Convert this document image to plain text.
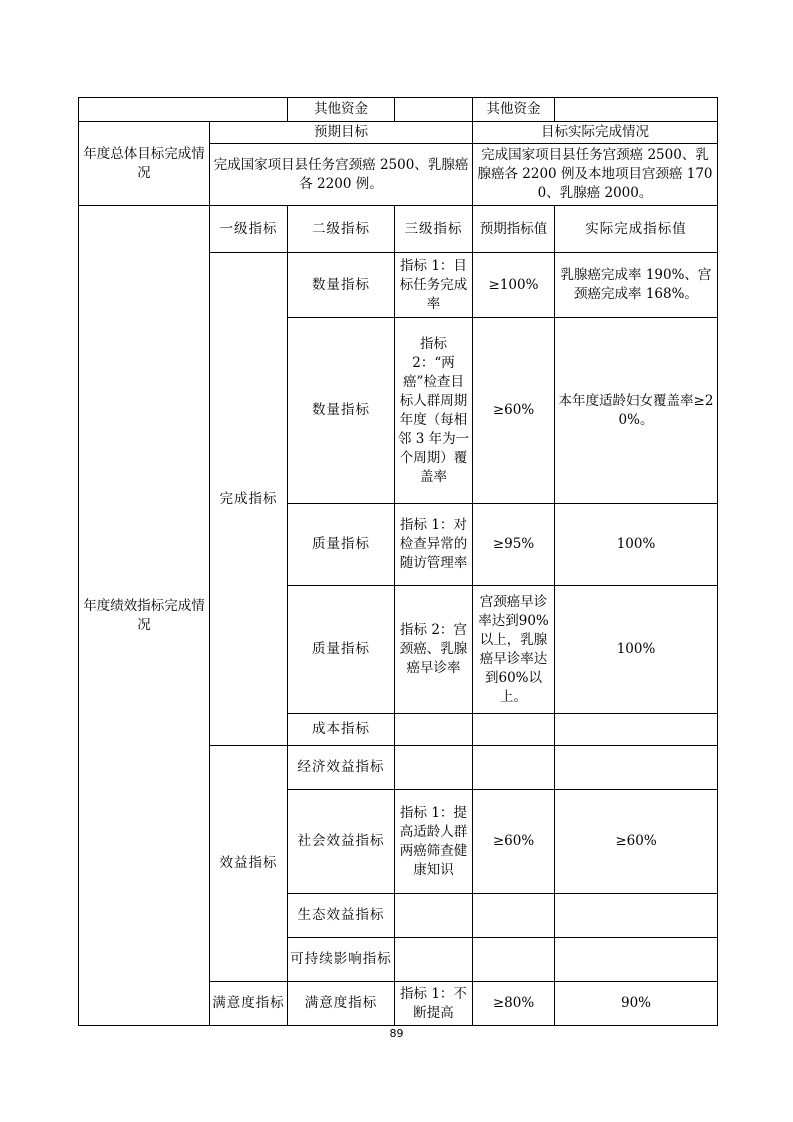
		其他资金		其他资金	
年度总体目标完成情况	预期目标			目标实际完成情况	
	完成国家项目县任务宫颈癌 2500、乳腺癌各 2200 例。			完成国家项目县任务宫颈癌 2500、乳腺癌各 2200 例及本地项目宫颈癌 1700、乳腺癌 2000。	
年度绩效指标完成情况	一级指标	二级指标	三级指标	预期指标值	实际完成指标值
	完成指标	数量指标	指标 1：目标任务完成率	≥100%	乳腺癌完成率 190%、宫颈癌完成率 168%。
		数量指标	指标 2：“两癌”检查目标人群周期年度（每相邻 3 年为一个周期）覆盖率	≥60%	本年度适龄妇女覆盖率≥20%。
		质量指标	指标 1：对检查异常的随访管理率	≥95%	100%
		质量指标	指标 2：宫颈癌、乳腺癌早诊率	宫颈癌早诊率达到90%以上，乳腺癌早诊率达到60%以上。	100%
		成本指标			
	效益指标	经济效益指标			
		社会效益指标	指标 1：提高适龄人群两癌筛查健康知识	≥60%	≥60%
		生态效益指标			
		可持续影响指标			
	满意度指标	满意度指标	指标 1：不断提高	≥80%	90%
89
